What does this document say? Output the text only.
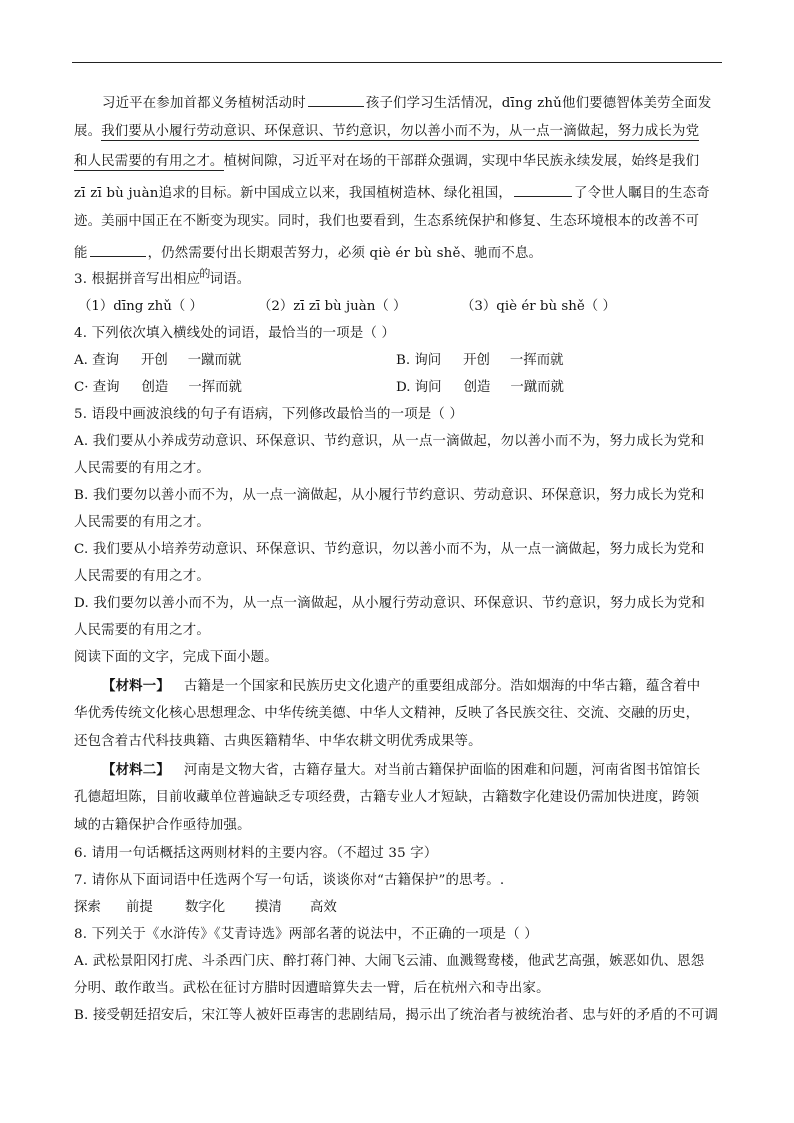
习近平在参加首都义务植树活动时	孩子们学习生活情况，dīng zhǔ他们要德智体美劳全面发
展。我们要从小履行劳动意识、环保意识、节约意识，勿以善小而不为，从一点一滴做起，努力成长为党
和人民需要的有用之才。植树间隙，习近平对在场的干部群众强调，实现中华民族永续发展，始终是我们
zī zī bù juàn追求的目标。新中国成立以来，我国植树造林、绿化祖国，	了令世人瞩目的生态奇
迹。美丽中国正在不断变为现实。同时，我们也要看到，生态系统保护和修复、生态环境根本的改善不可
能	，仍然需要付出长期艰苦努力，必须 qiè ér bù shě、驰而不息。
3. 根据拼音写出相应$^的$词语。
（1）dīng zhǔ（ ）	（2）zī zī bù juàn（ ）	（3）qiè ér bù shě（ ）
4. 下列依次填入横线处的词语，最恰当的一项是（ ）
A. 查询 开创 一蹴而就	B. 询问 开创 一挥而就
C· 查询 创造 一挥而就	D. 询问 创造 一蹴而就
5. 语段中画波浪线的句子有语病，下列修改最恰当的一项是（ ）
A. 我们要从小养成劳动意识、环保意识、节约意识，从一点一滴做起，勿以善小而不为，努力成长为党和
人民需要的有用之才。
B. 我们要勿以善小而不为，从一点一滴做起，从小履行节约意识、劳动意识、环保意识，努力成长为党和
人民需要的有用之才。
C. 我们要从小培养劳动意识、环保意识、节约意识，勿以善小而不为，从一点一滴做起，努力成长为党和
人民需要的有用之才。
D. 我们要勿以善小而不为，从一点一滴做起，从小履行劳动意识、环保意识、节约意识，努力成长为党和
人民需要的有用之才。
阅读下面的文字，完成下面小题。
【材料一】 古籍是一个国家和民族历史文化遗产的重要组成部分。浩如烟海的中华古籍，蕴含着中
华优秀传统文化核心思想理念、中华传统美德、中华人文精神，反映了各民族交往、交流、交融的历史，
还包含着古代科技典籍、古典医籍精华、中华农耕文明优秀成果等。
【材料二】 河南是文物大省，古籍存量大。对当前古籍保护面临的困难和问题，河南省图书馆馆长
孔德超坦陈，目前收藏单位普遍缺乏专项经费，古籍专业人才短缺，古籍数字化建设仍需加快进度，跨领
域的古籍保护合作亟待加强。
6. 请用一句话概括这两则材料的主要内容。（不超过 35 字）
7. 请你从下面词语中任选两个写一句话，谈谈你对“古籍保护”的思考。.
探索 前提 数字化 摸清 高效
8. 下列关于《水浒传》《艾青诗选》两部名著的说法中，不正确的一项是（ ）
A. 武松景阳冈打虎、斗杀西门庆、醉打蒋门神、大闹飞云浦、血溅鸳鸯楼，他武艺高强，嫉恶如仇、恩怨
分明、敢作敢当。武松在征讨方腊时因遭暗算失去一臂，后在杭州六和寺出家。
B. 接受朝廷招安后，宋江等人被奸臣毒害的悲剧结局，揭示出了统治者与被统治者、忠与奸的矛盾的不可调
